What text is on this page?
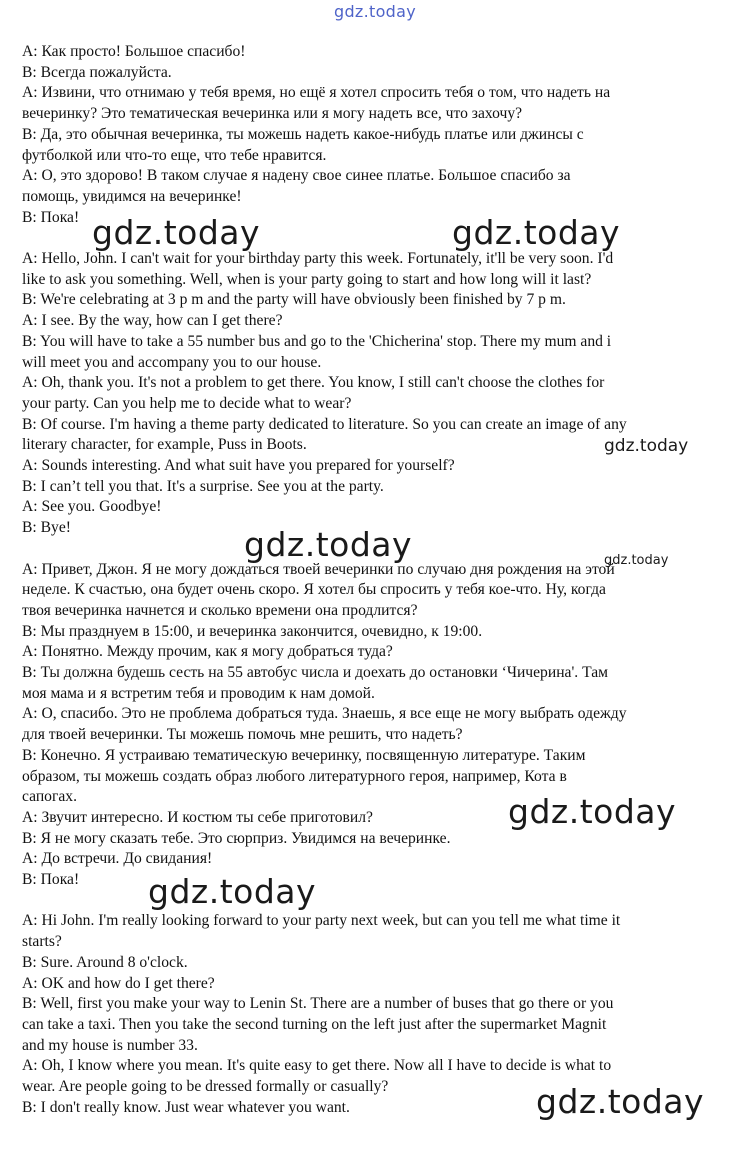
gdz.today
A: Как просто! Большое спасибо!
B: Всегда пожалуйста.
A: Извини, что отнимаю у тебя время, но ещё я хотел спросить тебя о том, что надеть на
вечеринку? Это тематическая вечеринка или я могу надеть все, что захочу?
B: Да, это обычная вечеринка, ты можешь надеть какое-нибудь платье или джинсы с
футболкой или что-то еще, что тебе нравится.
A: О, это здорово! В таком случае я надену свое синее платье. Большое спасибо за
помощь, увидимся на вечеринке!
B: Пока!
A: Hello, John. I can't wait for your birthday party this week. Fortunately, it'll be very soon. I'd
like to ask you something. Well, when is your party going to start and how long will it last?
B: We're celebrating at 3 p m and the party will have obviously been finished by 7 p m.
A: I see. By the way, how can I get there?
B: You will have to take a 55 number bus and go to the 'Chicherina' stop. There my mum and i
will meet you and accompany you to our house.
A: Oh, thank you. It's not a problem to get there. You know, I still can't choose the clothes for
your party. Can you help me to decide what to wear?
B: Of course. I'm having a theme party dedicated to literature. So you can create an image of any
literary character, for example, Puss in Boots.
A: Sounds interesting. And what suit have you prepared for yourself?
B: I can’t tell you that. It's a surprise. See you at the party.
A: See you. Goodbye!
B: Bye!
A: Привет, Джон. Я не могу дождаться твоей вечеринки по случаю дня рождения на этой
неделе. К счастью, она будет очень скоро. Я хотел бы спросить у тебя кое-что. Ну, когда
твоя вечеринка начнется и сколько времени она продлится?
B: Мы празднуем в 15:00, и вечеринка закончится, очевидно, к 19:00.
A: Понятно. Между прочим, как я могу добраться туда?
B: Ты должна будешь сесть на 55 автобус числа и доехать до остановки ‘Чичерина'. Там
моя мама и я встретим тебя и проводим к нам домой.
A: О, спасибо. Это не проблема добраться туда. Знаешь, я все еще не могу выбрать одежду
для твоей вечеринки. Ты можешь помочь мне решить, что надеть?
B: Конечно. Я устраиваю тематическую вечеринку, посвященную литературе. Таким
образом, ты можешь создать образ любого литературного героя, например, Кота в
сапогах.
A: Звучит интересно. И костюм ты себе приготовил?
B: Я не могу сказать тебе. Это сюрприз. Увидимся на вечеринке.
A: До встречи. До свидания!
B: Пока!
A: Hi John. I'm really looking forward to your party next week, but can you tell me what time it
starts?
B: Sure. Around 8 o'clock.
A: OK and how do I get there?
B: Well, first you make your way to Lenin St. There are a number of buses that go there or you
can take a taxi. Then you take the second turning on the left just after the supermarket Magnit
and my house is number 33.
A: Oh, I know where you mean. It's quite easy to get there. Now all I have to decide is what to
wear. Are people going to be dressed formally or casually?
B: I don't really know. Just wear whatever you want.
gdz.today	gdz.today
gdz.today
gdz.today	gdz.today
gdz.today
gdz.today
gdz.today
